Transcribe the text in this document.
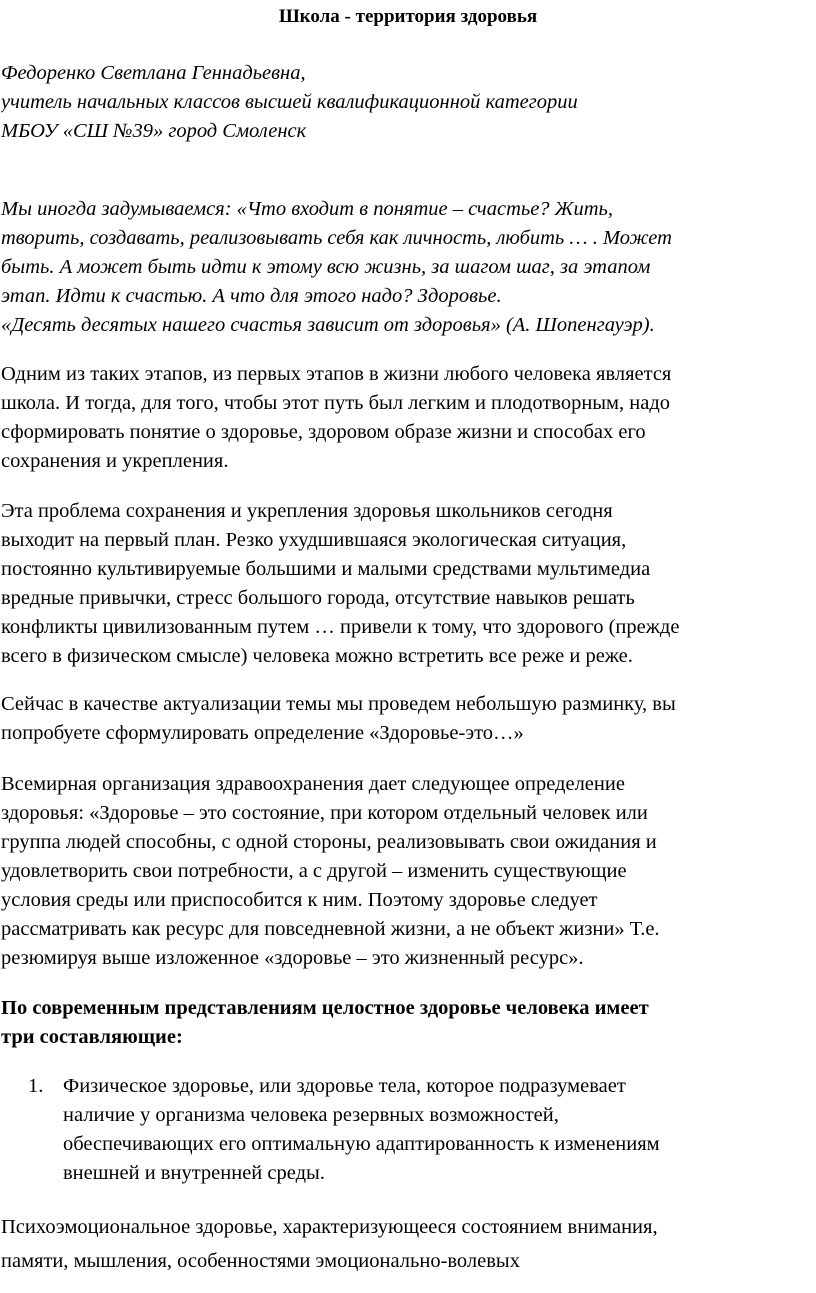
Школа - территория здоровья
Федоренко Светлана Геннадьевна,
учитель начальных классов высшей квалификационной категории
МБОУ «СШ №39» город Смоленск
Мы иногда задумываемся: «Что входит в понятие – счастье? Жить,
творить, создавать, реализовывать себя как личность, любить … . Может
быть. А может быть идти к этому всю жизнь, за шагом шаг, за этапом
этап. Идти к счастью. А что для этого надо? Здоровье.
«Десять десятых нашего счастья зависит от здоровья» (А. Шопенгауэр).
Одним из таких этапов, из первых этапов в жизни любого человека является
школа. И тогда, для того, чтобы этот путь был легким и плодотворным, надо
сформировать понятие о здоровье, здоровом образе жизни и способах его
сохранения и укрепления.
Эта проблема сохранения и укрепления здоровья школьников сегодня
выходит на первый план. Резко ухудшившаяся экологическая ситуация,
постоянно культивируемые большими и малыми средствами мультимедиа
вредные привычки, стресс большого города, отсутствие навыков решать
конфликты цивилизованным путем … привели к тому, что здорового (прежде
всего в физическом смысле) человека можно встретить все реже и реже.
Сейчас в качестве актуализации темы мы проведем небольшую разминку, вы
попробуете сформулировать определение «Здоровье-это…»
Всемирная организация здравоохранения дает следующее определение
здоровья: «Здоровье – это состояние, при котором отдельный человек или
группа людей способны, с одной стороны, реализовывать свои ожидания и
удовлетворить свои потребности, а с другой – изменить существующие
условия среды или приспособится к ним. Поэтому здоровье следует
рассматривать как ресурс для повседневной жизни, а не объект жизни» Т.е.
резюмируя выше изложенное «здоровье – это жизненный ресурс».
По современным представлениям целостное здоровье человека имеет
три составляющие:
1. Физическое здоровье, или здоровье тела, которое подразумевает
наличие у организма человека резервных возможностей,
обеспечивающих его оптимальную адаптированность к изменениям
внешней и внутренней среды.
Психоэмоциональное здоровье, характеризующееся состоянием внимания,
памяти, мышления, особенностями эмоционально-волевых
